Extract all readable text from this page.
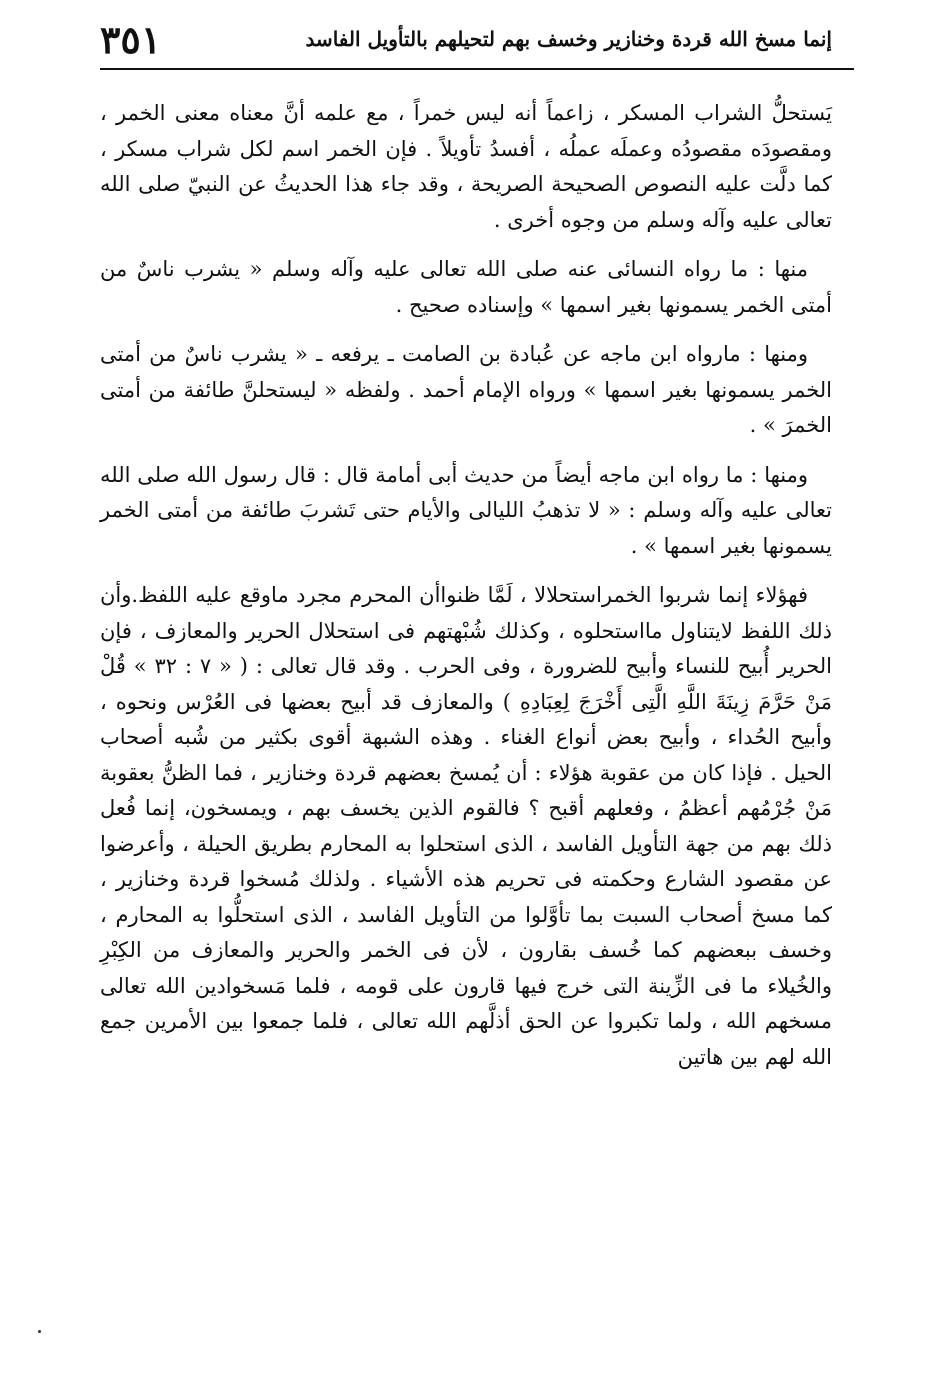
إنما مسخ الله قردة وخنازير وخسف بهم لتحيلهم بالتأويل الفاسد
٣٥١

يَستحلُّ الشراب المسكر ، زاعماً أنه ليس خمراً ، مع علمه أنَّ معناه معنى الخمر ، ومقصودَه مقصودُه وعملَه عملُه ، أفسدُ تأويلاً . فإن الخمر اسم لكل شراب مسكر ، كما دلَّت عليه النصوص الصحيحة الصريحة ، وقد جاء هذا الحديثُ عن النبيّ صلى الله تعالى عليه وآله وسلم من وجوه أخرى .

منها : ما رواه النسائى عنه صلى الله تعالى عليه وآله وسلم « يشرب ناسٌ من أمتى الخمر يسمونها بغير اسمها » وإسناده صحيح .

ومنها : مارواه ابن ماجه عن عُبادة بن الصامت ـ يرفعه ـ « يشرب ناسٌ من أمتى الخمر يسمونها بغير اسمها » ورواه الإمام أحمد . ولفظه « ليستحلنَّ طائفة من أمتى الخمرَ » .

ومنها : ما رواه ابن ماجه أيضاً من حديث أبى أمامة قال : قال رسول الله صلى الله تعالى عليه وآله وسلم : « لا تذهبُ الليالى والأيام حتى تَشربَ طائفة من أمتى الخمر يسمونها بغير اسمها » .

فهؤلاء إنما شربوا الخمراستحلالا ، لَمَّا ظنواأن المحرم مجرد ماوقع عليه اللفظ.وأن ذلك اللفظ لايتناول مااستحلوه ، وكذلك شُبْهتهم فى استحلال الحرير والمعازف ، فإن الحرير أُبيح للنساء وأبيح للضرورة ، وفى الحرب . وقد قال تعالى : ( « ٧ : ٣٢ » قُلْ مَنْ حَرَّمَ زِينَةَ اللَّهِ الَّتِى أَخْرَجَ لِعِبَادِهِ ) والمعازف قد أبيح بعضها فى العُرْس ونحوه ، وأبيح الحُداء ، وأبيح بعض أنواع الغناء . وهذه الشبهة أقوى بكثير من شُبه أصحاب الحيل . فإذا كان من عقوبة هؤلاء : أن يُمسخ بعضهم قردة وخنازير ، فما الظنُّ بعقوبة مَنْ جُرْمُهم أعظمُ ، وفعلهم أقبح ؟ فالقوم الذين يخسف بهم ، ويمسخون، إنما فُعل ذلك بهم من جهة التأويل الفاسد ، الذى استحلوا به المحارم بطريق الحيلة ، وأعرضوا عن مقصود الشارع وحكمته فى تحريم هذه الأشياء . ولذلك مُسخوا قردة وخنازير ، كما مسخ أصحاب السبت بما تأوَّلوا من التأويل الفاسد ، الذى استحلُّوا به المحارم ، وخسف ببعضهم كما خُسف بقارون ، لأن فى الخمر والحرير والمعازف من الكِبْرِ والخُيلاء ما فى الزِّينة التى خرج فيها قارون على قومه ، فلما مَسخوادين الله تعالى مسخهم الله ، ولما تكبروا عن الحق أذلَّهم الله تعالى ، فلما جمعوا بين الأمرين جمع الله لهم بين هاتين
